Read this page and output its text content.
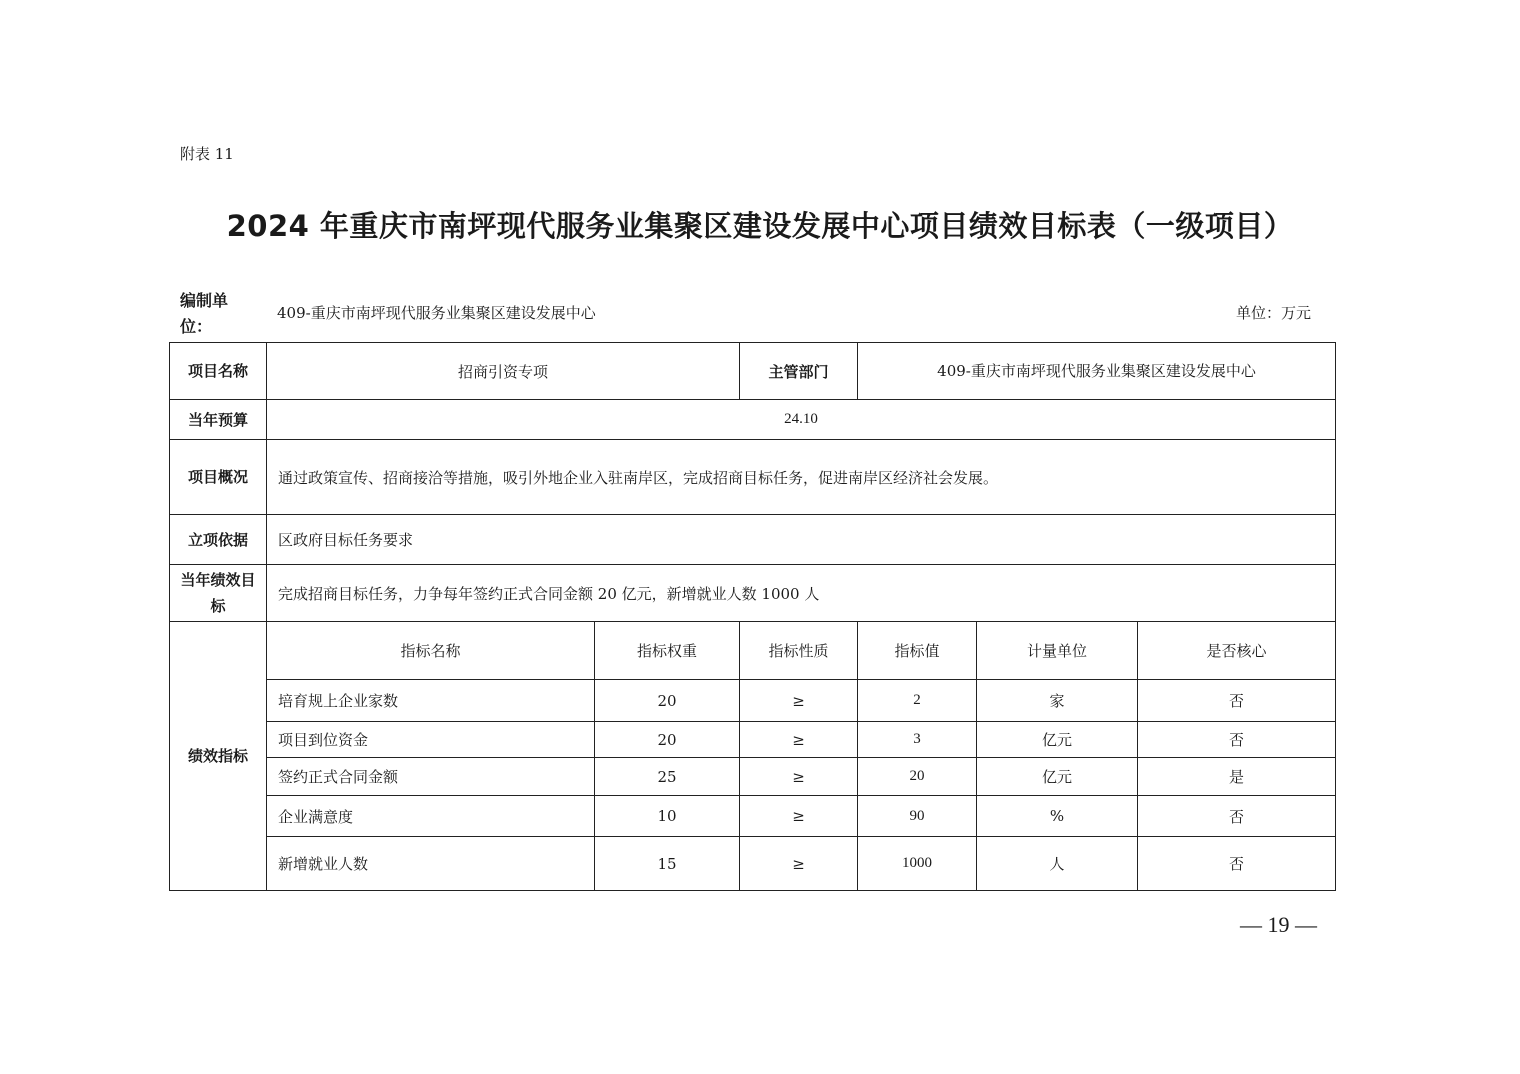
附表 11
2024 年重庆市南坪现代服务业集聚区建设发展中心项目绩效目标表（一级项目）
编制单位：
409-重庆市南坪现代服务业集聚区建设发展中心	单位：万元
项目名称	招商引资专项		主管部门	409-重庆市南坪现代服务业集聚区建设发展中心		
当年预算	24.10					
项目概况	通过政策宣传、招商接洽等措施，吸引外地企业入驻南岸区，完成招商目标任务，促进南岸区经济社会发展。					
立项依据	区政府目标任务要求					
当年绩效目标	完成招商目标任务，力争每年签约正式合同金额 20 亿元，新增就业人数 1000 人					
绩效指标	指标名称	指标权重	指标性质	指标值	计量单位	是否核心
	培育规上企业家数	20	≥	2	家	否
	项目到位资金	20	≥	3	亿元	否
	签约正式合同金额	25	≥	20	亿元	是
	企业满意度	10	≥	90	%	否
	新增就业人数	15	≥	1000	人	否
— 19 —
